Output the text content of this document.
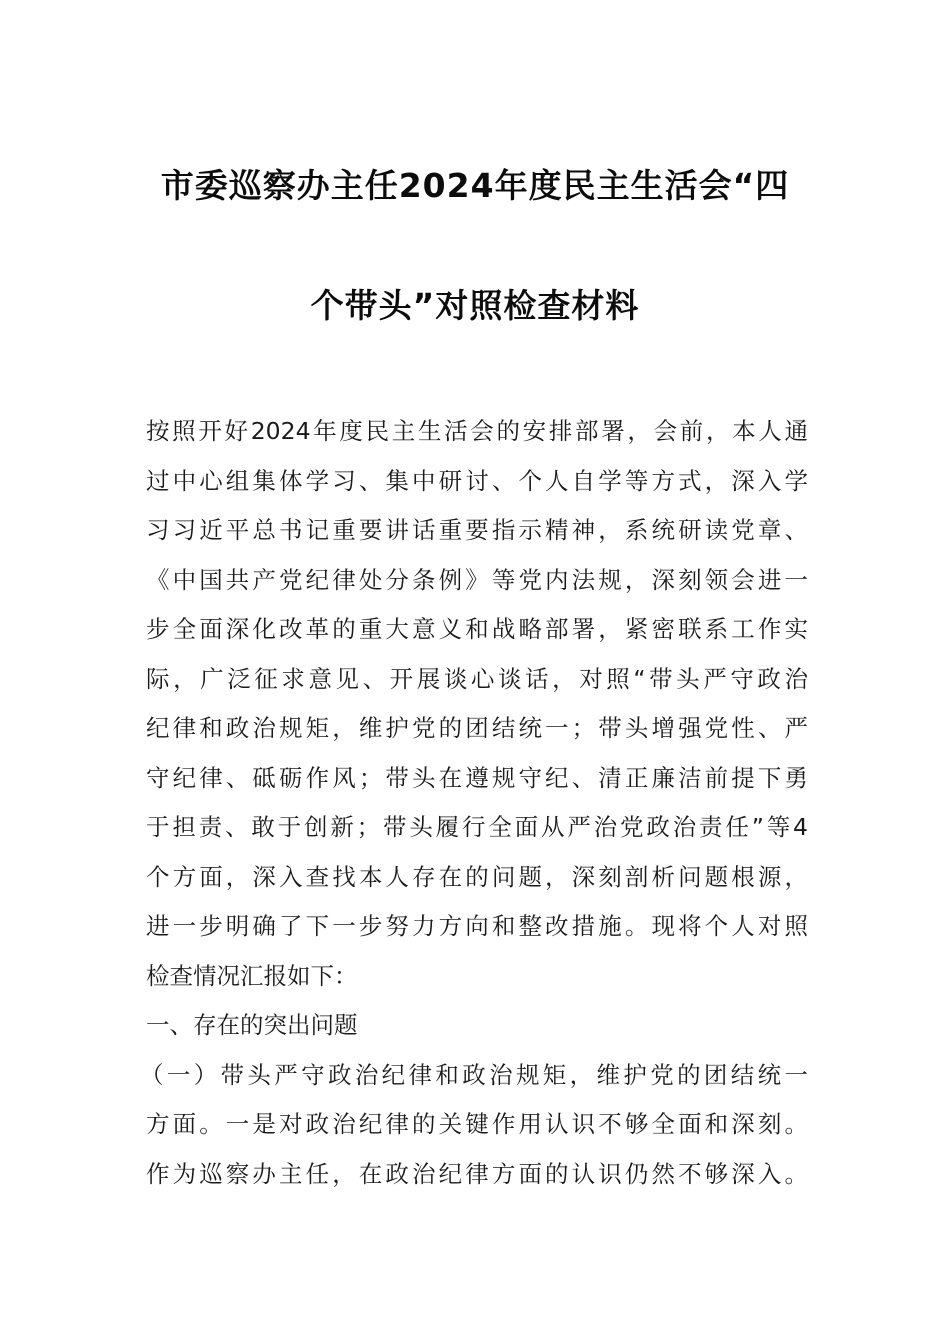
市委巡察办主任2024年度民主生活会“四
个带头”对照检查材料
按照开好2024年度民主生活会的安排部署，会前，本人通
过中心组集体学习、集中研讨、个人自学等方式，深入学
习习近平总书记重要讲话重要指示精神，系统研读党章、
《中国共产党纪律处分条例》等党内法规，深刻领会进一
步全面深化改革的重大意义和战略部署，紧密联系工作实
际，广泛征求意见、开展谈心谈话，对照“带头严守政治
纪律和政治规矩，维护党的团结统一；带头增强党性、严
守纪律、砥砺作风；带头在遵规守纪、清正廉洁前提下勇
于担责、敢于创新；带头履行全面从严治党政治责任”等4
个方面，深入查找本人存在的问题，深刻剖析问题根源，
进一步明确了下一步努力方向和整改措施。现将个人对照
检查情况汇报如下：
一、存在的突出问题
（一）带头严守政治纪律和政治规矩，维护党的团结统一
方面。一是对政治纪律的关键作用认识不够全面和深刻。
作为巡察办主任，在政治纪律方面的认识仍然不够深入。
